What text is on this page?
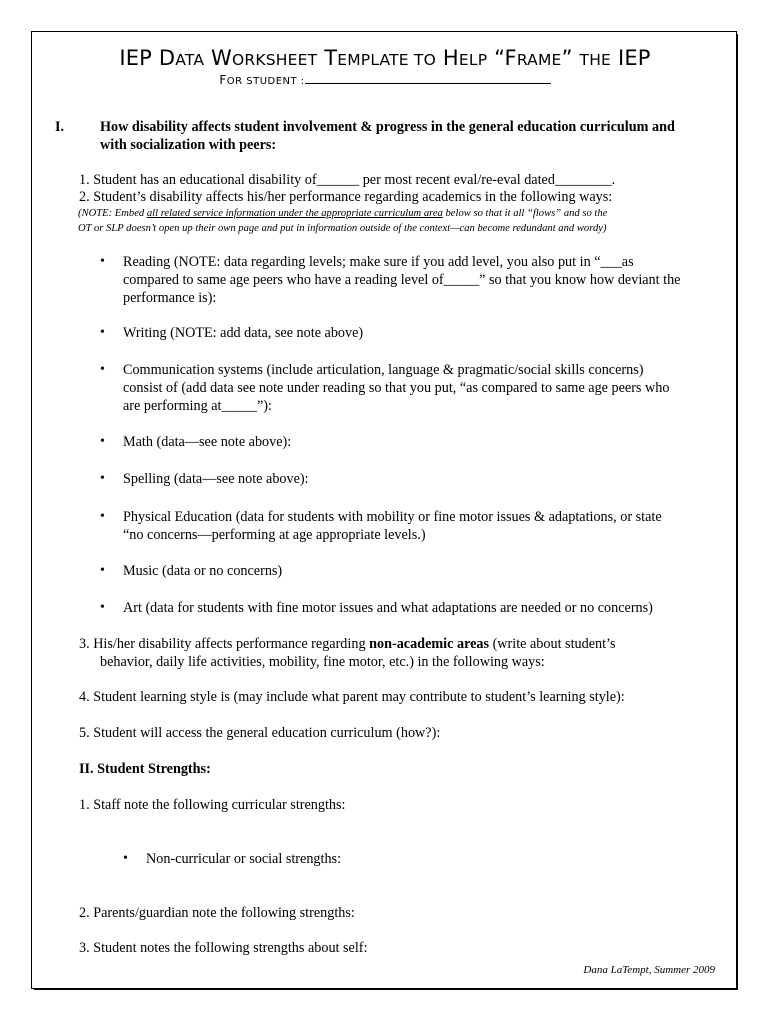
IEP DATA WORKSHEET TEMPLATE TO HELP “FRAME” THE IEP
FOR STUDENT :
I.	How disability affects student involvement & progress in the general education curriculum and
with socialization with peers:
1. Student has an educational disability of______ per most recent eval/re-eval dated________.
2. Student’s disability affects his/her performance regarding academics in the following ways:
(NOTE: Embed all related service information under the appropriate curriculum area below so that it all “flows” and so the
OT or SLP doesn’t open up their own page and put in information outside of the context—can become redundant and wordy)
• Reading (NOTE: data regarding levels; make sure if you add level, you also put in “___as
compared to same age peers who have a reading level of_____” so that you know how deviant the
performance is):
• Writing (NOTE: add data, see note above)
• Communication systems (include articulation, language & pragmatic/social skills concerns)
consist of (add data see note under reading so that you put, “as compared to same age peers who
are performing at_____”):
• Math (data—see note above):
• Spelling (data—see note above):
• Physical Education (data for students with mobility or fine motor issues & adaptations, or state
“no concerns—performing at age appropriate levels.)
• Music (data or no concerns)
• Art (data for students with fine motor issues and what adaptations are needed or no concerns)
3. His/her disability affects performance regarding non-academic areas (write about student’s
behavior, daily life activities, mobility, fine motor, etc.) in the following ways:
4. Student learning style is (may include what parent may contribute to student’s learning style):
5. Student will access the general education curriculum (how?):
II. Student Strengths:
1. Staff note the following curricular strengths:
• Non-curricular or social strengths:
2. Parents/guardian note the following strengths:
3. Student notes the following strengths about self:
Dana LaTempt, Summer 2009
